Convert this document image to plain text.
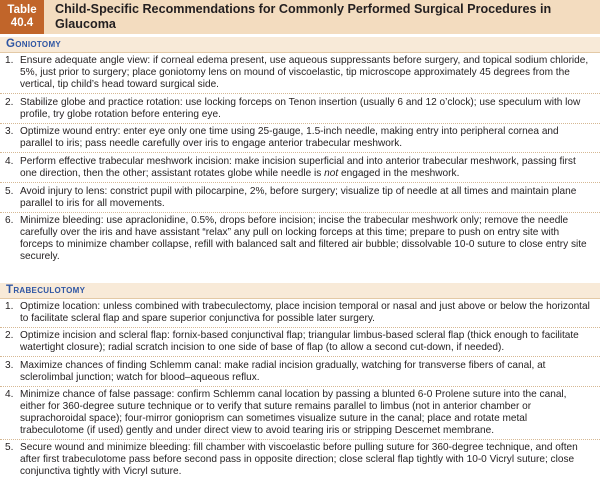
Table
40.4
Child-Specific Recommendations for Commonly Performed Surgical Procedures in Glaucoma
Goniotomy
1. Ensure adequate angle view: if corneal edema present, use aqueous suppressants before surgery, and topical sodium chloride, 5%, just prior to surgery; place goniotomy lens on mound of viscoelastic, tip microscope approximately 45 degrees from the vertical, tip child’s head toward surgical side.
2. Stabilize globe and practice rotation: use locking forceps on Tenon insertion (usually 6 and 12 o’clock); use speculum with low profile, try globe rotation before entering eye.
3. Optimize wound entry: enter eye only one time using 25-gauge, 1.5-inch needle, making entry into peripheral cornea and parallel to iris; pass needle carefully over iris to engage anterior trabecular meshwork.
4. Perform effective trabecular meshwork incision: make incision superficial and into anterior trabecular meshwork, passing first one direction, then the other; assistant rotates globe while needle is not engaged in the meshwork.
5. Avoid injury to lens: constrict pupil with pilocarpine, 2%, before surgery; visualize tip of needle at all times and maintain plane parallel to iris for all movements.
6. Minimize bleeding: use apraclonidine, 0.5%, drops before incision; incise the trabecular meshwork only; remove the needle carefully over the iris and have assistant “relax” any pull on locking forceps at this time; prepare to push on entry site with forceps to minimize chamber collapse, refill with balanced salt and filtered air bubble; dissolvable 10-0 suture to close entry site securely.
Trabeculotomy
1. Optimize location: unless combined with trabeculectomy, place incision temporal or nasal and just above or below the horizontal to facilitate scleral flap and spare superior conjunctiva for possible later surgery.
2. Optimize incision and scleral flap: fornix-based conjunctival flap; triangular limbus-based scleral flap (thick enough to facilitate watertight closure); radial scratch incision to one side of base of flap (to allow a second cut-down, if needed).
3. Maximize chances of finding Schlemm canal: make radial incision gradually, watching for transverse fibers of canal, at sclerolimbal junction; watch for blood–aqueous reflux.
4. Minimize chance of false passage: confirm Schlemm canal location by passing a blunted 6-0 Prolene suture into the canal, either for 360-degree suture technique or to verify that suture remains parallel to limbus (not in anterior chamber or suprachoroidal space); four-mirror gonioprism can sometimes visualize suture in the canal; place and rotate metal trabeculotome (if used) gently and under direct view to avoid tearing iris or stripping Descemet membrane.
5. Secure wound and minimize bleeding: fill chamber with viscoelastic before pulling suture for 360-degree technique, and often after first trabeculotome pass before second pass in opposite direction; close scleral flap tightly with 10-0 Vicryl suture; close conjunctiva tightly with Vicryl suture.
